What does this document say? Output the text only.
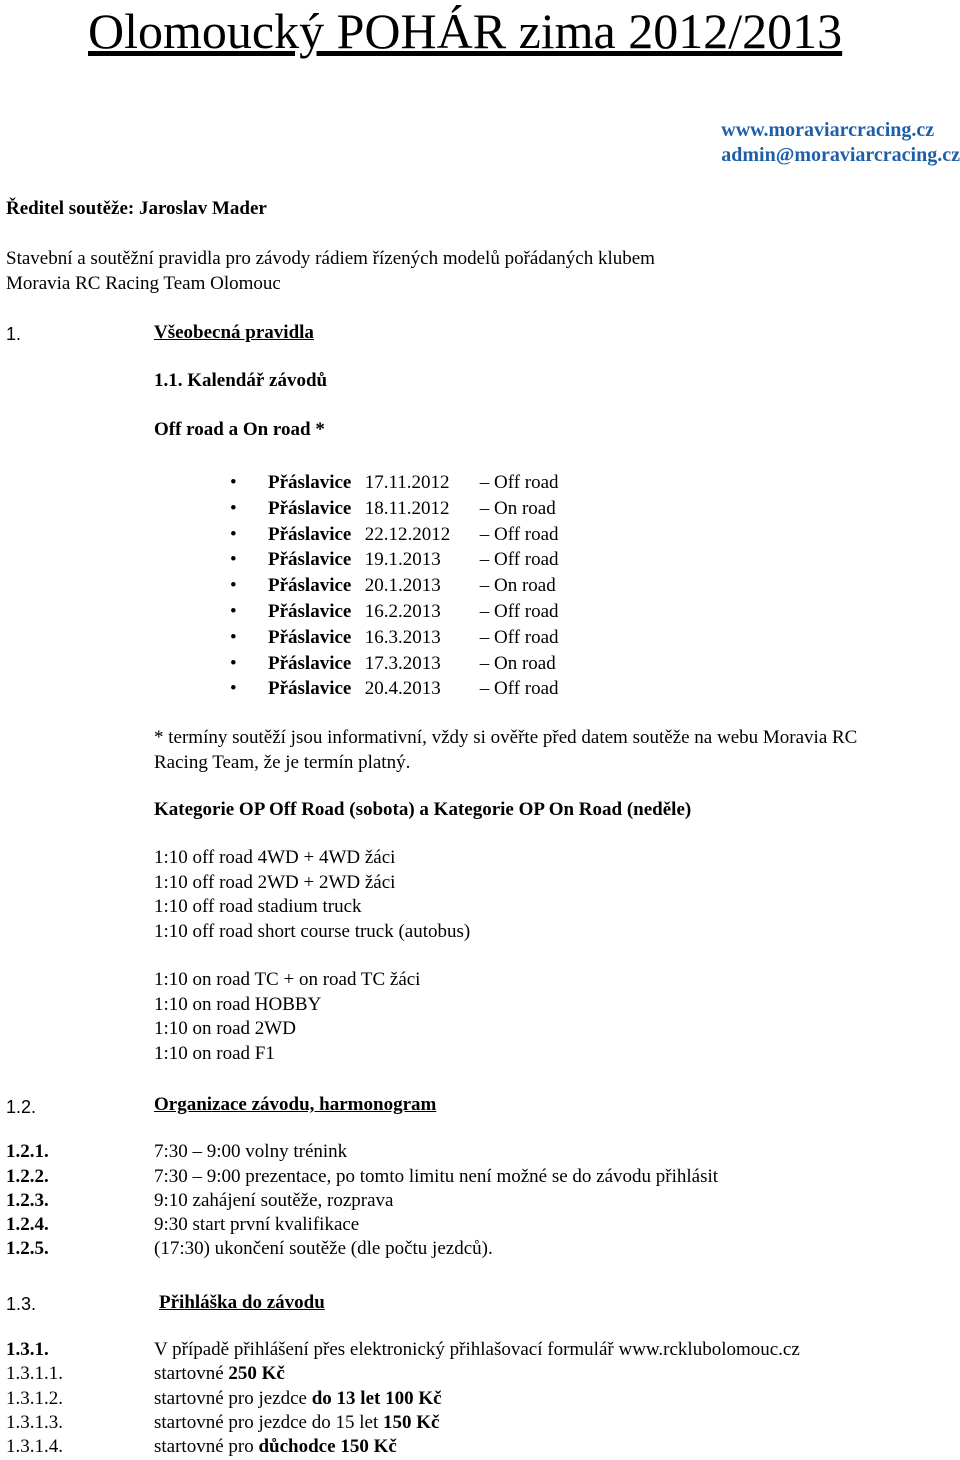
Olomoucký POHÁR zima 2012/2013
www.moraviarcracing.cz
admin@moraviarcracing.cz
Ředitel soutěže: Jaroslav Mader
Stavební a soutěžní pravidla pro závody rádiem řízených modelů pořádaných klubem
Moravia RC Racing Team Olomouc
1.	Všeobecná pravidla
1.1. Kalendář závodů
Off road a On road *
• Přáslavice 17.11.2012 – Off road
• Přáslavice 18.11.2012 – On road
• Přáslavice 22.12.2012 – Off road
• Přáslavice 19.1.2013 – Off road
• Přáslavice 20.1.2013 – On road
• Přáslavice 16.2.2013 – Off road
• Přáslavice 16.3.2013 – Off road
• Přáslavice 17.3.2013 – On road
• Přáslavice 20.4.2013 – Off road
* termíny soutěží jsou informativní, vždy si ověřte před datem soutěže na webu Moravia RC
Racing Team, že je termín platný.
Kategorie OP Off Road (sobota) a Kategorie OP On Road (neděle)
1:10 off road 4WD + 4WD žáci
1:10 off road 2WD + 2WD žáci
1:10 off road stadium truck
1:10 off road short course truck (autobus)
1:10 on road TC + on road TC žáci
1:10 on road HOBBY
1:10 on road 2WD
1:10 on road F1
1.2.	Organizace závodu, harmonogram
1.2.1.	7:30 – 9:00 volny trénink
1.2.2.	7:30 – 9:00 prezentace, po tomto limitu není možné se do závodu přihlásit
1.2.3.	9:10 zahájení soutěže, rozprava
1.2.4.	9:30 start první kvalifikace
1.2.5.	(17:30) ukončení soutěže (dle počtu jezdců).
1.3.	Přihláška do závodu
1.3.1.	V případě přihlášení přes elektronický přihlašovací formulář www.rcklubolomouc.cz
1.3.1.1.	startovné 250 Kč
1.3.1.2.	startovné pro jezdce do 13 let 100 Kč
1.3.1.3.	startovné pro jezdce do 15 let 150 Kč
1.3.1.4.	startovné pro důchodce 150 Kč
